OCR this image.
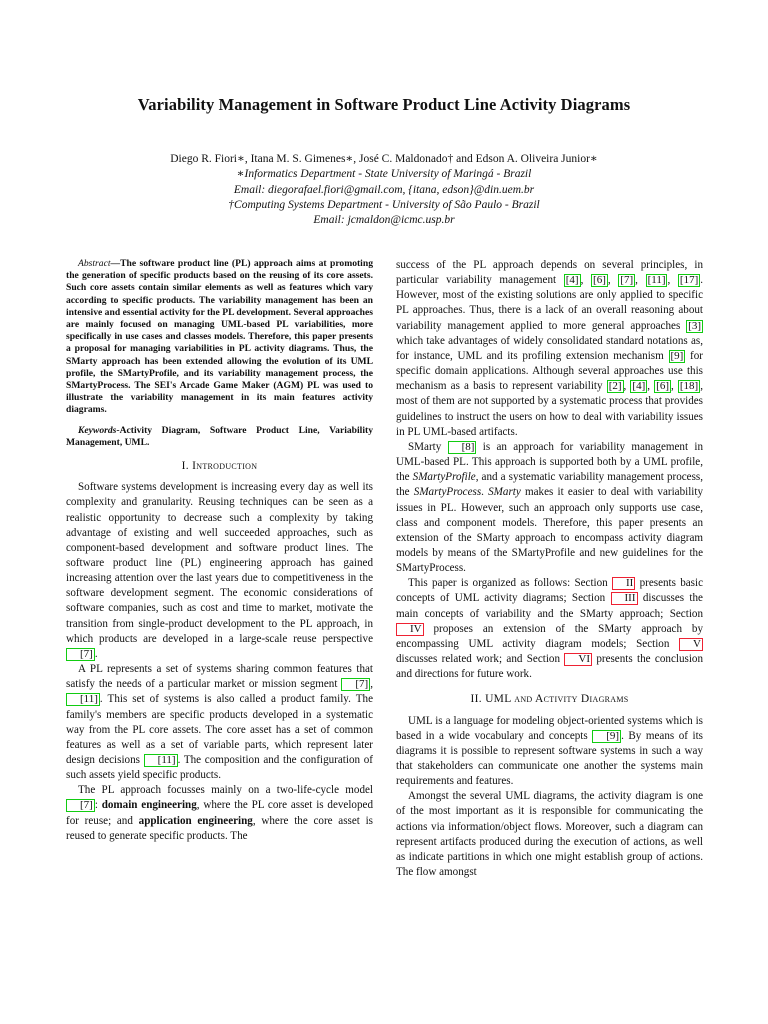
Variability Management in Software Product Line Activity Diagrams
Diego R. Fiori∗, Itana M. S. Gimenes∗, José C. Maldonado† and Edson A. Oliveira Junior∗
∗Informatics Department - State University of Maringá - Brazil
Email: diegorafael.fiori@gmail.com, {itana, edson}@din.uem.br
†Computing Systems Department - University of São Paulo - Brazil
Email: jcmaldon@icmc.usp.br

Abstract—The software product line (PL) approach aims at promoting the generation of specific products based on the reusing of its core assets. Such core assets contain similar elements as well as features which vary according to specific products. The variability management has been an intensive and essential activity for the PL development. Several approaches are mainly focused on managing UML-based PL variabilities, more specifically in use cases and classes models. Therefore, this paper presents a proposal for managing variabilities in PL activity diagrams. Thus, the SMarty approach has been extended allowing the evolution of its UML profile, the SMartyProfile, and its variability management process, the SMartyProcess. The SEI's Arcade Game Maker (AGM) PL was used to illustrate the variability management in its main features activity diagrams.

Keywords-Activity Diagram, Software Product Line, Variability Management, UML.

I. Introduction

Software systems development is increasing every day as well its complexity and granularity. Reusing techniques can be seen as a realistic opportunity to decrease such a complexity by taking advantage of existing and well succeeded approaches, such as component-based development and software product lines. The software product line (PL) engineering approach has gained increasing attention over the last years due to competitiveness in the software development segment. The economic considerations of software companies, such as cost and time to market, motivate the transition from single-product development to the PL approach, in which products are developed in a large-scale reuse perspective [7] .

A PL represents a set of systems sharing common features that satisfy the needs of a particular market or mission segment [7] , [11] . This set of systems is also called a product family. The family's members are specific products developed in a systematic way from the PL core assets. The core asset has a set of common features as well as a set of variable parts, which represent later design decisions [11] . The composition and the configuration of such assets yield specific products.

The PL approach focusses mainly on a two-life-cycle model [7] : domain engineering, where the PL core asset is developed for reuse; and application engineering, where the core asset is reused to generate specific products. The

success of the PL approach depends on several principles, in particular variability management [4] , [6] , [7] , [11] , [17] . However, most of the existing solutions are only applied to specific PL approaches. Thus, there is a lack of an overall reasoning about variability management applied to more general approaches [3] which take advantages of widely consolidated standard notations as, for instance, UML and its profiling extension mechanism [9] for specific domain applications. Although several approaches use this mechanism as a basis to represent variability [2] , [4] , [6] , [18] , most of them are not supported by a systematic process that provides guidelines to instruct the users on how to deal with variability issues in PL UML-based artifacts.

SMarty [8] is an approach for variability management in UML-based PL. This approach is supported both by a UML profile, the SMartyProfile, and a systematic variability management process, the SMartyProcess. SMarty makes it easier to deal with variability issues in PL. However, such an approach only supports use case, class and component models. Therefore, this paper presents an extension of the SMarty approach to encompass activity diagram models by means of the SMartyProfile and new guidelines for the SMartyProcess.

This paper is organized as follows: Section II presents basic concepts of UML activity diagrams; Section III discusses the main concepts of variability and the SMarty approach; Section IV proposes an extension of the SMarty approach by encompassing UML activity diagram models; Section V discusses related work; and Section VI presents the conclusion and directions for future work.

II. UML and Activity Diagrams

UML is a language for modeling object-oriented systems which is based in a wide vocabulary and concepts [9] . By means of its diagrams it is possible to represent software systems in such a way that stakeholders can communicate one another the systems main requirements and features.

Amongst the several UML diagrams, the activity diagram is one of the most important as it is responsible for communicating the actions via information/object flows. Moreover, such a diagram can represent artifacts produced during the execution of actions, as well as indicate partitions in which one might establish group of actions. The flow amongst
